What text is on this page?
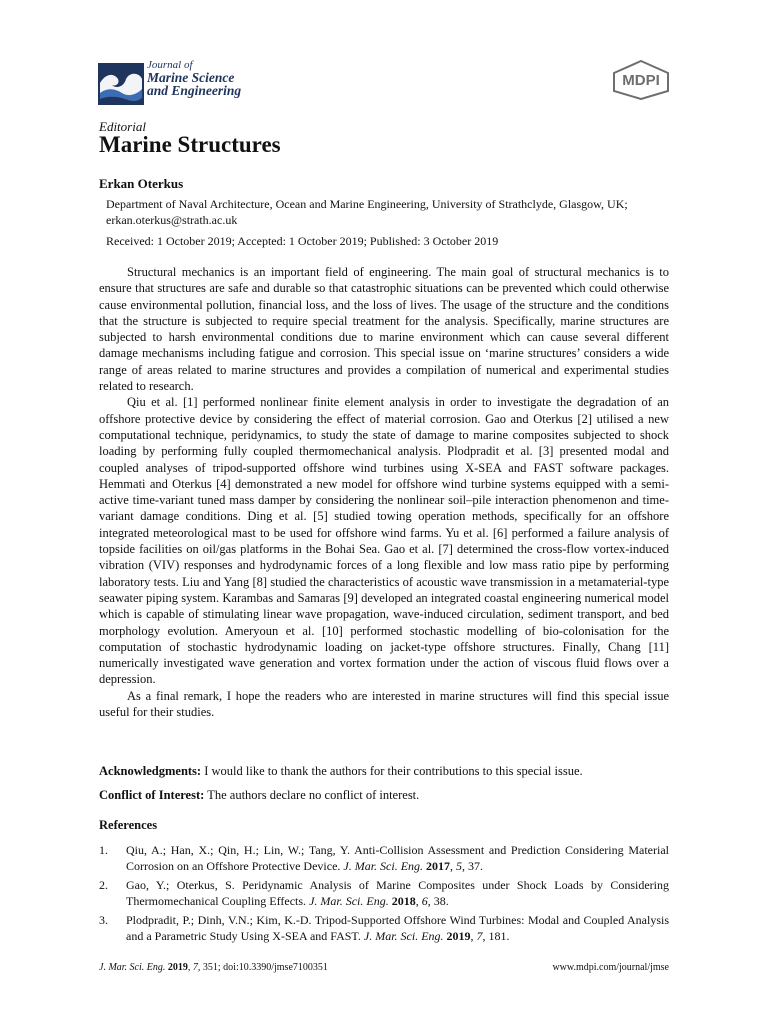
Journal of
Marine Science
and Engineering
MDPI
Editorial
Marine Structures
Erkan Oterkus
Department of Naval Architecture, Ocean and Marine Engineering, University of Strathclyde, Glasgow, UK;
erkan.oterkus@strath.ac.uk
Received: 1 October 2019; Accepted: 1 October 2019; Published: 3 October 2019

Structural mechanics is an important field of engineering. The main goal of structural mechanics is to ensure that structures are safe and durable so that catastrophic situations can be prevented which could otherwise cause environmental pollution, financial loss, and the loss of lives. The usage of the structure and the conditions that the structure is subjected to require special treatment for the analysis. Specifically, marine structures are subjected to harsh environmental conditions due to marine environment which can cause several different damage mechanisms including fatigue and corrosion. This special issue on ‘marine structures’ considers a wide range of areas related to marine structures and provides a compilation of numerical and experimental studies related to research.

Qiu et al. [1] performed nonlinear finite element analysis in order to investigate the degradation of an offshore protective device by considering the effect of material corrosion. Gao and Oterkus [2] utilised a new computational technique, peridynamics, to study the state of damage to marine composites subjected to shock loading by performing fully coupled thermomechanical analysis. Plodpradit et al. [3] presented modal and coupled analyses of tripod-supported offshore wind turbines using X-SEA and FAST software packages. Hemmati and Oterkus [4] demonstrated a new model for offshore wind turbine systems equipped with a semi-active time-variant tuned mass damper by considering the nonlinear soil–pile interaction phenomenon and time-variant damage conditions. Ding et al. [5] studied towing operation methods, specifically for an offshore integrated meteorological mast to be used for offshore wind farms. Yu et al. [6] performed a failure analysis of topside facilities on oil/gas platforms in the Bohai Sea. Gao et al. [7] determined the cross-flow vortex-induced vibration (VIV) responses and hydrodynamic forces of a long flexible and low mass ratio pipe by performing laboratory tests. Liu and Yang [8] studied the characteristics of acoustic wave transmission in a metamaterial-type seawater piping system. Karambas and Samaras [9] developed an integrated coastal engineering numerical model which is capable of stimulating linear wave propagation, wave-induced circulation, sediment transport, and bed morphology evolution. Ameryoun et al. [10] performed stochastic modelling of bio-colonisation for the computation of stochastic hydrodynamic loading on jacket-type offshore structures. Finally, Chang [11] numerically investigated wave generation and vortex formation under the action of viscous fluid flows over a depression.

As a final remark, I hope the readers who are interested in marine structures will find this special issue useful for their studies.

Acknowledgments: I would like to thank the authors for their contributions to this special issue.
Conflict of Interest: The authors declare no conflict of interest.
References
1. Qiu, A.; Han, X.; Qin, H.; Lin, W.; Tang, Y. Anti-Collision Assessment and Prediction Considering Material Corrosion on an Offshore Protective Device. J. Mar. Sci. Eng. 2017, 5, 37.
2. Gao, Y.; Oterkus, S. Peridynamic Analysis of Marine Composites under Shock Loads by Considering Thermomechanical Coupling Effects. J. Mar. Sci. Eng. 2018, 6, 38.
3. Plodpradit, P.; Dinh, V.N.; Kim, K.-D. Tripod-Supported Offshore Wind Turbines: Modal and Coupled Analysis and a Parametric Study Using X-SEA and FAST. J. Mar. Sci. Eng. 2019, 7, 181.
J. Mar. Sci. Eng. 2019, 7, 351; doi:10.3390/jmse7100351	www.mdpi.com/journal/jmse
